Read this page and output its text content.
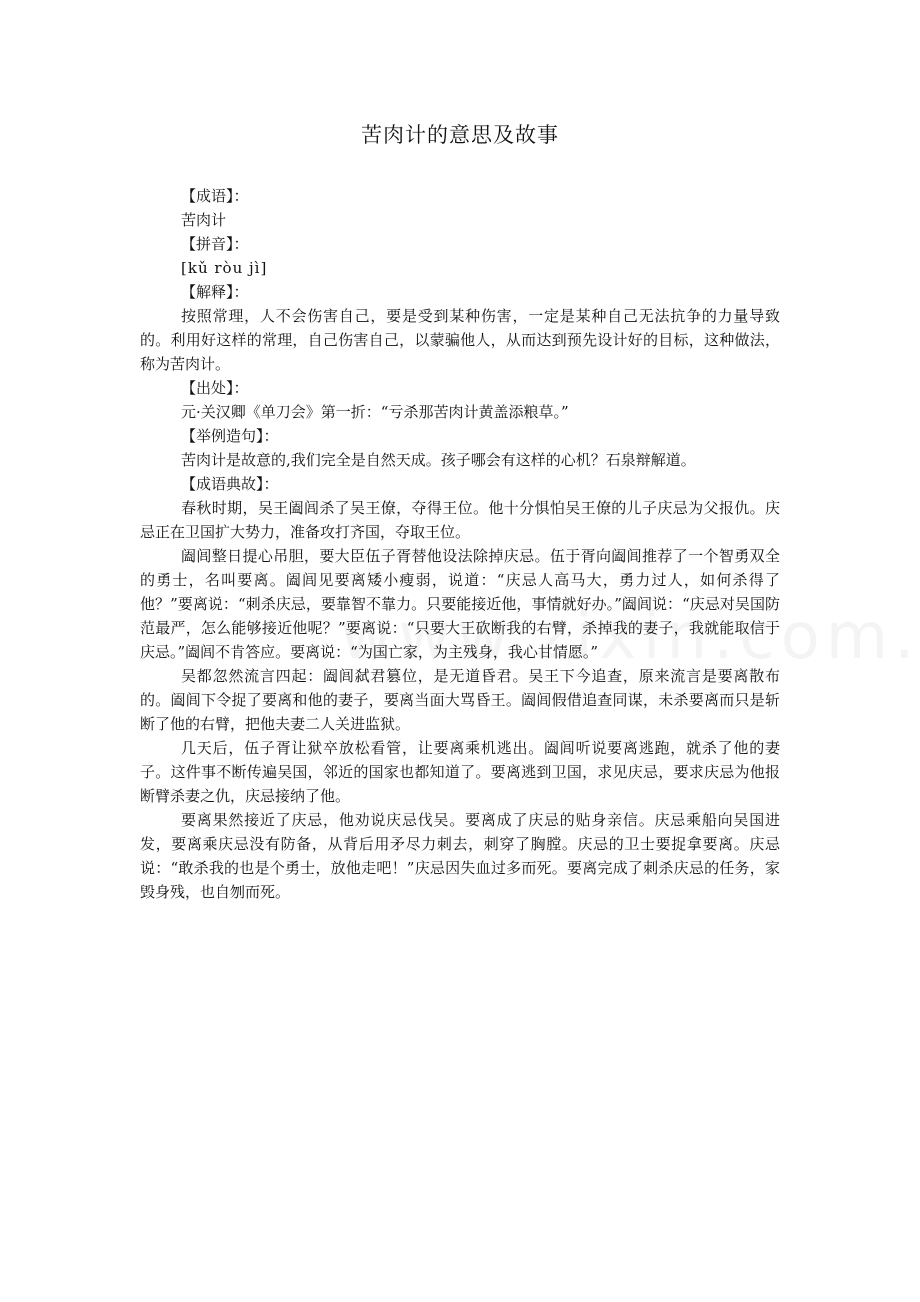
苦肉计的意思及故事

【成语】：

苦肉计

【拼音】：

[kǔ ròu jì]

【解释】：

按照常理，人不会伤害自己，要是受到某种伤害，一定是某种自己无法抗争的力量导致的。利用好这样的常理，自己伤害自己，以蒙骗他人，从而达到预先设计好的目标，这种做法，称为苦肉计。

【出处】：

元·关汉卿《单刀会》第一折：“亏杀那苦肉计黄盖添粮草。”

【举例造句】：

苦肉计是故意的,我们完全是自然天成。孩子哪会有这样的心机？石泉辩解道。

【成语典故】：

春秋时期，吴王阖闾杀了吴王僚，夺得王位。他十分惧怕吴王僚的儿子庆忌为父报仇。庆忌正在卫国扩大势力，准备攻打齐国，夺取王位。

阖闾整日提心吊胆，要大臣伍子胥替他设法除掉庆忌。伍于胥向阖闾推荐了一个智勇双全的勇士，名叫要离。阖闾见要离矮小瘦弱，说道：“庆忌人高马大，勇力过人，如何杀得了他？”要离说：“刺杀庆忌，要靠智不靠力。只要能接近他，事情就好办。”阖闾说：“庆忌对吴国防范最严，怎么能够接近他呢？”要离说：“只要大王砍断我的右臂，杀掉我的妻子，我就能取信于庆忌。”阖闾不肯答应。要离说：“为国亡家，为主残身，我心甘情愿。”

吴都忽然流言四起：阖闾弑君篡位，是无道昏君。吴王下今追查，原来流言是要离散布的。阖闾下令捉了要离和他的妻子，要离当面大骂昏王。阖闾假借追查同谋，未杀要离而只是斩断了他的右臂，把他夫妻二人关进监狱。

几天后，伍子胥让狱卒放松看管，让要离乘机逃出。阖闾听说要离逃跑，就杀了他的妻子。这件事不断传遍吴国，邻近的国家也都知道了。要离逃到卫国，求见庆忌，要求庆忌为他报断臂杀妻之仇，庆忌接纳了他。

要离果然接近了庆忌，他劝说庆忌伐吴。要离成了庆忌的贴身亲信。庆忌乘船向吴国进发，要离乘庆忌没有防备，从背后用矛尽力刺去，刺穿了胸膛。庆忌的卫士要捉拿要离。庆忌说：“敢杀我的也是个勇士，放他走吧！”庆忌因失血过多而死。要离完成了刺杀庆忌的任务，家毁身残，也自刎而死。
